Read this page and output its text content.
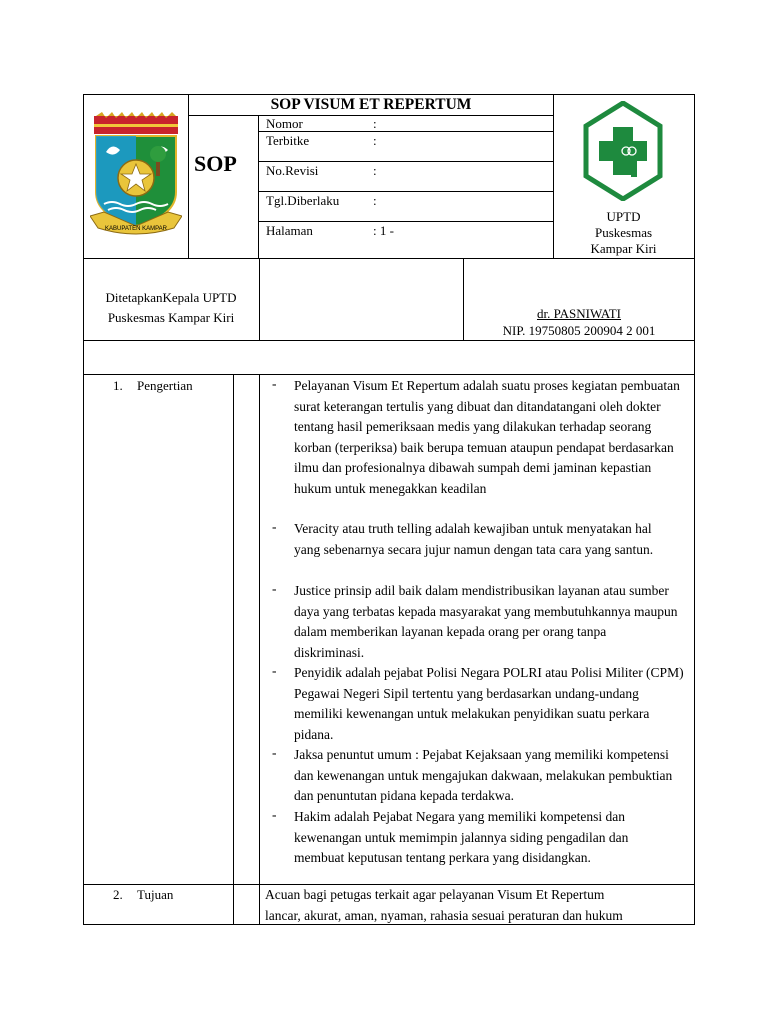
KABUPATEN KAMPAR
SOP VISUM ET REPERTUM
SOP
Nomor	:
Terbitke	:
No.Revisi	:
Tgl.Diberlaku	:
Halaman	: 1 -
UPTD
Puskesmas
Kampar Kiri
DitetapkanKepala UPTD
Puskesmas Kampar Kiri	dr. PASNIWATI
NIP. 19750805 200904 2 001
1. Pengertian	- Pelayanan Visum Et Repertum adalah suatu proses kegiatan pembuatan surat keterangan tertulis yang dibuat dan ditandatangani oleh dokter tentang hasil pemeriksaan medis yang dilakukan terhadap seorang korban (terperiksa) baik berupa temuan ataupun pendapat berdasarkan ilmu dan profesionalnya dibawah sumpah demi jaminan kepastian hukum untuk menegakkan keadilan
- Veracity atau truth telling adalah kewajiban untuk menyatakan hal yang sebenarnya secara jujur namun dengan tata cara yang santun.
- Justice prinsip adil baik dalam mendistribusikan layanan atau sumber daya yang terbatas kepada masyarakat yang membutuhkannya maupun dalam memberikan layanan kepada orang per orang tanpa diskriminasi.
- Penyidik adalah pejabat Polisi Negara POLRI atau Polisi Militer (CPM) Pegawai Negeri Sipil tertentu yang berdasarkan undang-undang memiliki kewenangan untuk melakukan penyidikan suatu perkara pidana.
- Jaksa penuntut umum : Pejabat Kejaksaan yang memiliki kompetensi dan kewenangan untuk mengajukan dakwaan, melakukan pembuktian dan penuntutan pidana kepada terdakwa.
- Hakim adalah Pejabat Negara yang memiliki kompetensi dan kewenangan untuk memimpin jalannya siding pengadilan dan membuat keputusan tentang perkara yang disidangkan.
2. Tujuan	Acuan bagi petugas terkait agar pelayanan Visum Et Repertum
lancar, akurat, aman, nyaman, rahasia sesuai peraturan dan hukum
